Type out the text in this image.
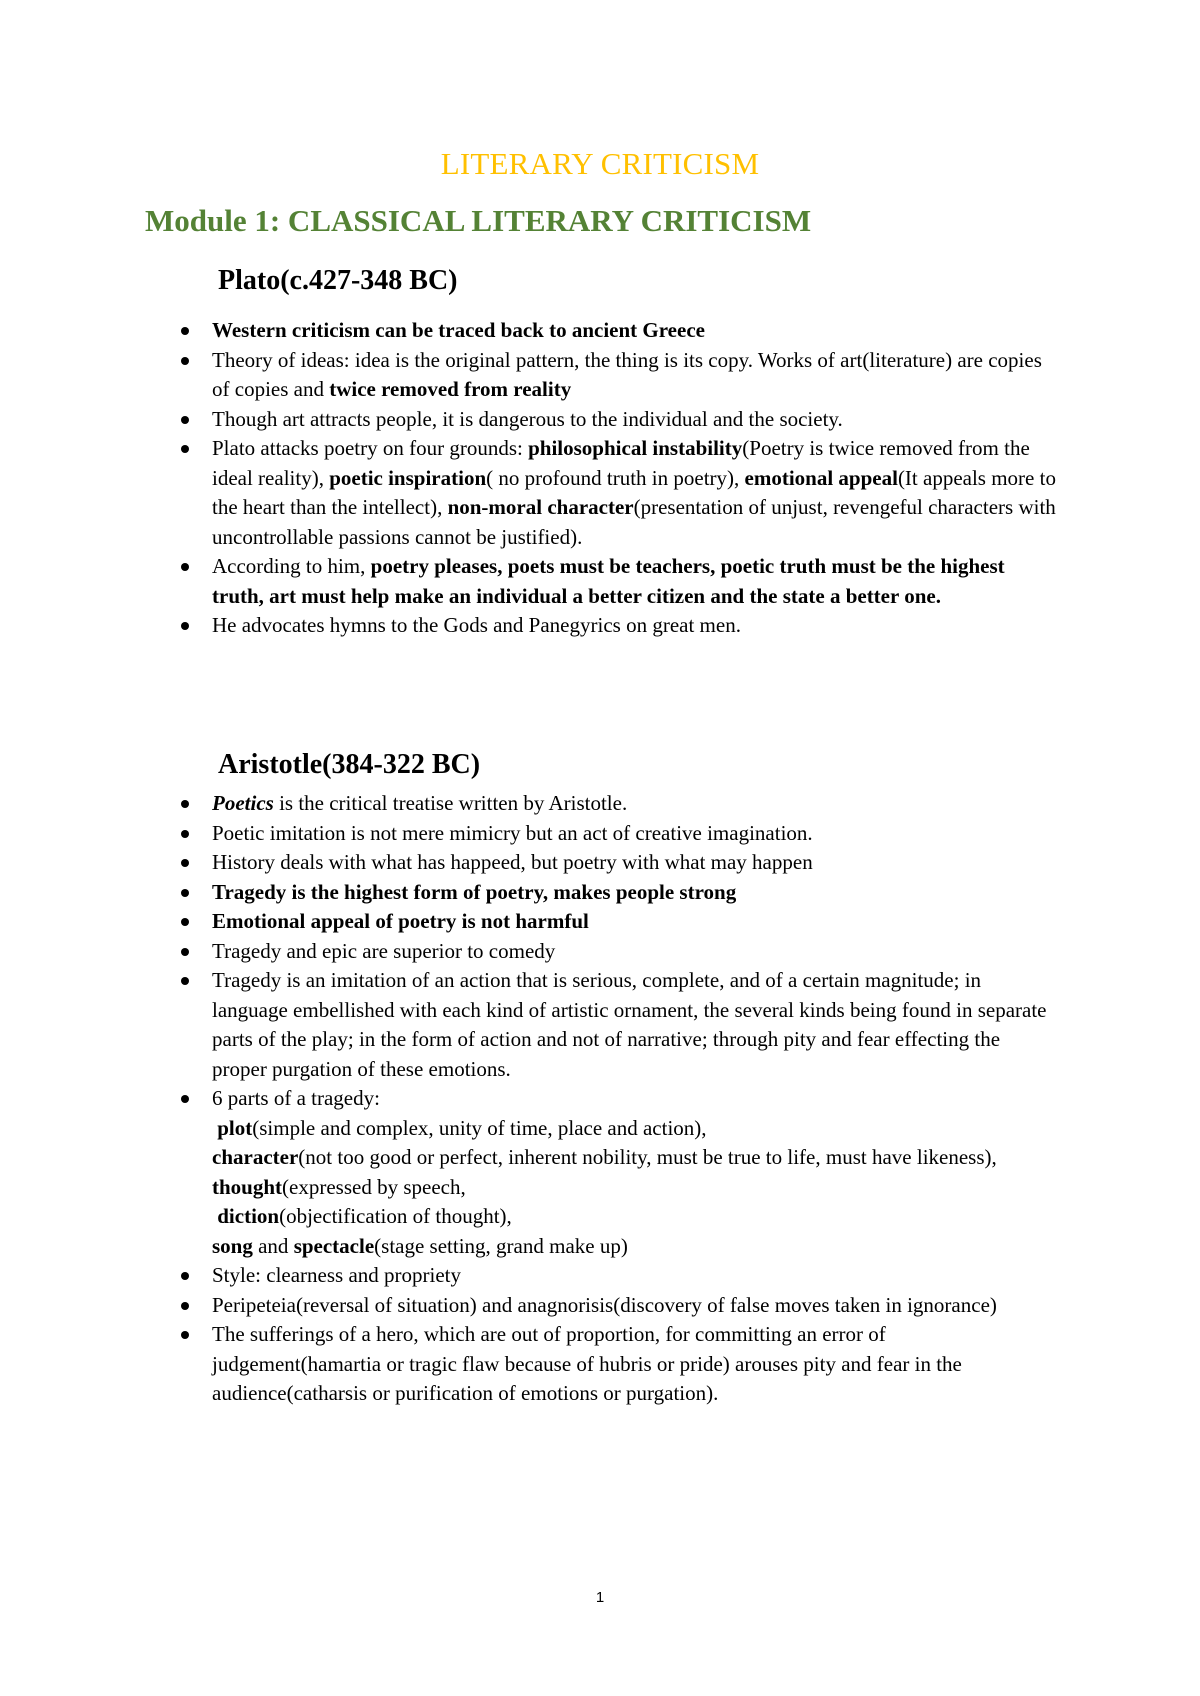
LITERARY CRITICISM
Module 1: CLASSICAL LITERARY CRITICISM
Plato(c.427-348 BC)
Western criticism can be traced back to ancient Greece
Theory of ideas: idea is the original pattern, the thing is its copy. Works of art(literature) are copies of copies and twice removed from reality
Though art attracts people, it is dangerous to the individual and the society.
Plato attacks poetry on four grounds: philosophical instability(Poetry is twice removed from the ideal reality), poetic inspiration( no profound truth in poetry), emotional appeal(It appeals more to the heart than the intellect), non-moral character(presentation of unjust, revengeful characters with uncontrollable passions cannot be justified).
According to him, poetry pleases, poets must be teachers, poetic truth must be the highest truth, art must help make an individual a better citizen and the state a better one.
He advocates hymns to the Gods and Panegyrics on great men.
Aristotle(384-322 BC)
Poetics is the critical treatise written by Aristotle.
Poetic imitation is not mere mimicry but an act of creative imagination.
History deals with what has happeed, but poetry with what may happen
Tragedy is the highest form of poetry, makes people strong
Emotional appeal of poetry is not harmful
Tragedy and epic are superior to comedy
Tragedy is an imitation of an action that is serious, complete, and of a certain magnitude; in language embellished with each kind of artistic ornament, the several kinds being found in separate parts of the play; in the form of action and not of narrative; through pity and fear effecting the proper purgation of these emotions.
6 parts of a tragedy:
plot(simple and complex, unity of time, place and action),
character(not too good or perfect, inherent nobility, must be true to life, must have likeness),
thought(expressed by speech,
diction(objectification of thought),
song and spectacle(stage setting, grand make up)
Style: clearness and propriety
Peripeteia(reversal of situation) and anagnorisis(discovery of false moves taken in ignorance)
The sufferings of a hero, which are out of proportion, for committing an error of judgement(hamartia or tragic flaw because of hubris or pride) arouses pity and fear in the audience(catharsis or purification of emotions or purgation).
1
